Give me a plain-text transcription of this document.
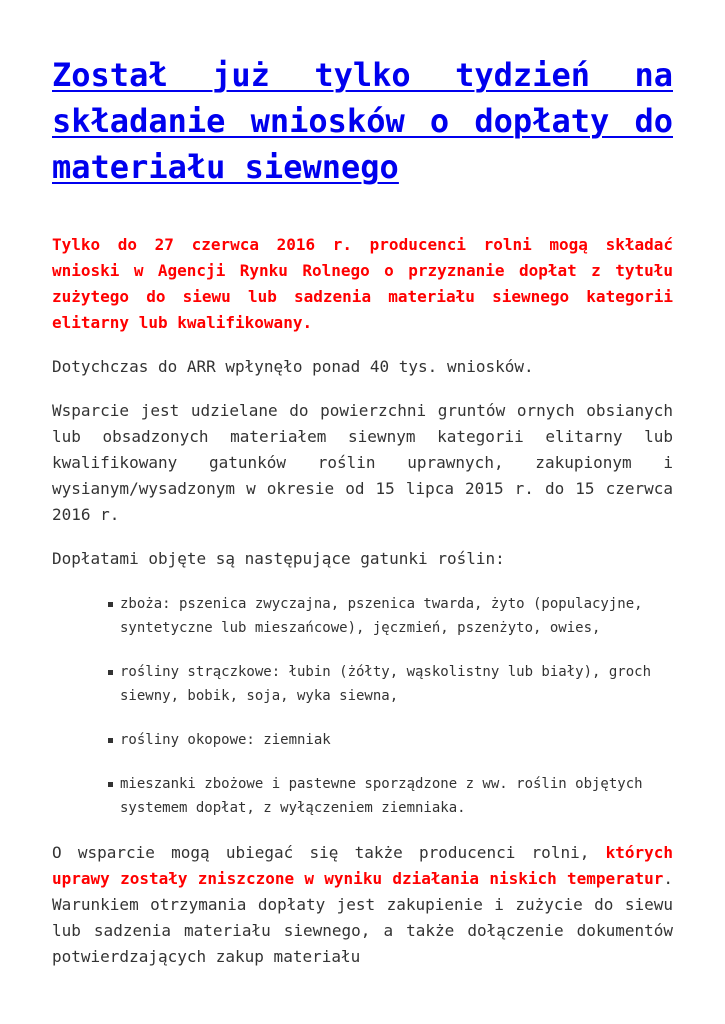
Został już tylko tydzień na składanie wniosków o dopłaty do materiału siewnego

Tylko do 27 czerwca 2016 r. producenci rolni mogą składać wnioski w Agencji Rynku Rolnego o przyznanie dopłat z tytułu zużytego do siewu lub sadzenia materiału siewnego kategorii elitarny lub kwalifikowany.

Dotychczas do ARR wpłynęło ponad 40 tys. wniosków.

Wsparcie jest udzielane do powierzchni gruntów ornych obsianych lub obsadzonych materiałem siewnym kategorii elitarny lub kwalifikowany gatunków roślin uprawnych, zakupionym i wysianym/wysadzonym w okresie od 15 lipca 2015 r. do 15 czerwca 2016 r.

Dopłatami objęte są następujące gatunki roślin:

zboża: pszenica zwyczajna, pszenica twarda, żyto (populacyjne, syntetyczne lub mieszańcowe), jęczmień, pszenżyto, owies,
rośliny strączkowe: łubin (żółty, wąskolistny lub biały), groch siewny, bobik, soja, wyka siewna,
rośliny okopowe: ziemniak
mieszanki zbożowe i pastewne sporządzone z ww. roślin objętych systemem dopłat, z wyłączeniem ziemniaka.

O wsparcie mogą ubiegać się także producenci rolni, których uprawy zostały zniszczone w wyniku działania niskich temperatur. Warunkiem otrzymania dopłaty jest zakupienie i zużycie do siewu lub sadzenia materiału siewnego, a także dołączenie dokumentów potwierdzających zakup materiału
